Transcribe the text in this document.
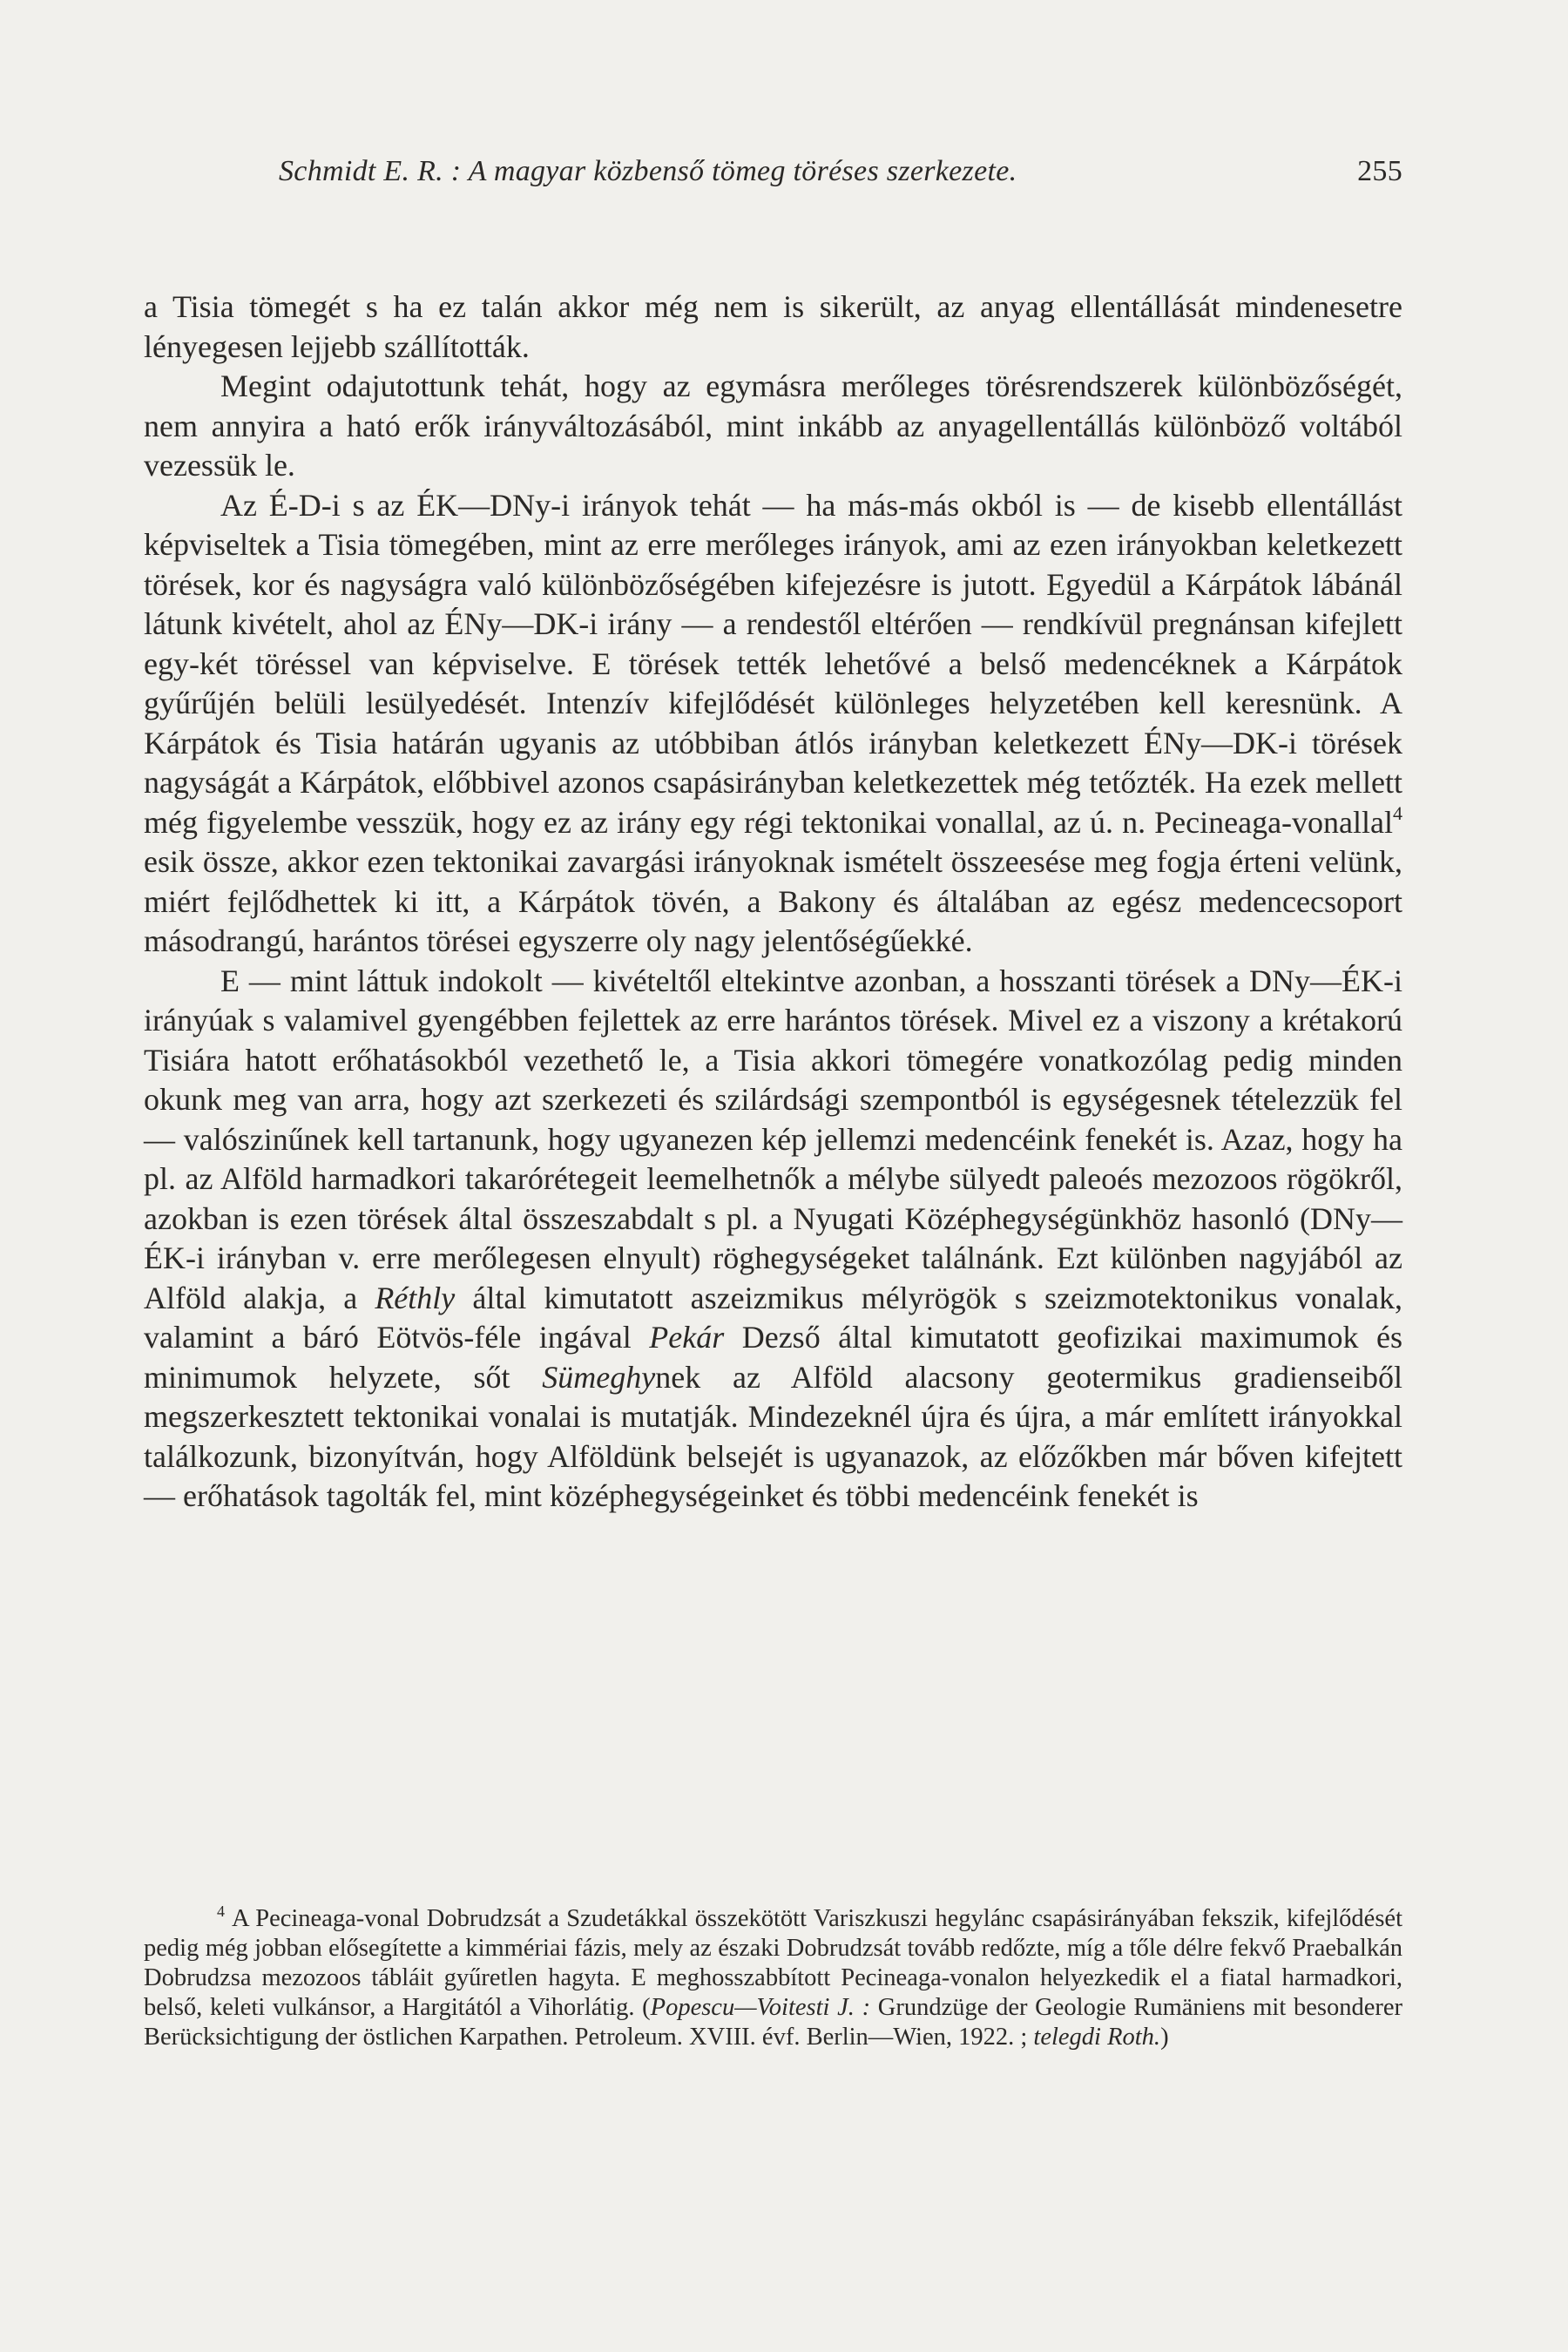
Schmidt E. R. : A magyar közbenső tömeg töréses szerkezete.	255

a Tisia tömegét s ha ez talán akkor még nem is sikerült, az anyag ellentállását mindenesetre lényegesen lejjebb szállították.

Megint odajutottunk tehát, hogy az egymásra merőleges törésrendszerek különbözőségét, nem annyira a ható erők irányváltozásából, mint inkább az anyagellentállás különböző voltából vezessük le.

Az É-D-i s az ÉK—DNy-i irányok tehát — ha más-más okból is — de kisebb ellentállást képviseltek a Tisia tömegében, mint az erre merőleges irányok, ami az ezen irányokban keletkezett törések, kor és nagyságra való különbözőségében kifejezésre is jutott. Egyedül a Kárpátok lábánál látunk kivételt, ahol az ÉNy—DK-i irány — a rendestől eltérően — rendkívül pregnánsan kifejlett egy-két töréssel van képviselve. E törések tették lehetővé a belső medencéknek a Kárpátok gyűrűjén belüli lesülyedését. Intenzív kifejlődését különleges helyzetében kell keresnünk. A Kárpátok és Tisia határán ugyanis az utóbbiban átlós irányban keletkezett ÉNy—DK-i törések nagyságát a Kárpátok, előbbivel azonos csapásirányban keletkezettek még tetőzték. Ha ezek mellett még figyelembe vesszük, hogy ez az irány egy régi tektonikai vonallal, az ú. n. Pecineaga-vonallal$^4$ esik össze, akkor ezen tektonikai zavargási irányoknak ismételt összeesése meg fogja érteni velünk, miért fejlődhettek ki itt, a Kárpátok tövén, a Bakony és általában az egész medencecsoport másodrangú, harántos törései egyszerre oly nagy jelentőségűekké.

E — mint láttuk indokolt — kivételtől eltekintve azonban, a hosszanti törések a DNy—ÉK-i irányúak s valamivel gyengébben fejlettek az erre harántos törések. Mivel ez a viszony a krétakorú Tisiára hatott erőhatásokból vezethető le, a Tisia akkori tömegére vonatkozólag pedig minden okunk meg van arra, hogy azt szerkezeti és szilárdsági szempontból is egységesnek tételezzük fel — valószinűnek kell tartanunk, hogy ugyanezen kép jellemzi medencéink fenekét is. Azaz, hogy ha pl. az Alföld harmadkori takarórétegeit leemelhetnők a mélybe sülyedt paleoés mezozoos rögökről, azokban is ezen törések által összeszabdalt s pl. a Nyugati Középhegységünkhöz hasonló (DNy—ÉK-i irányban v. erre merőlegesen elnyult) röghegységeket találnánk. Ezt különben nagyjából az Alföld alakja, a Réthly által kimutatott aszeizmikus mélyrögök s szeizmotektonikus vonalak, valamint a báró Eötvös-féle ingával Pekár Dezső által kimutatott geofizikai maximumok és minimumok helyzete, sőt Sümeghynek az Alföld alacsony geotermikus gradienseiből megszerkesztett tektonikai vonalai is mutatják. Mindezeknél újra és újra, a már említett irányokkal találkozunk, bizonyítván, hogy Alföldünk belsejét is ugyanazok, az előzőkben már bőven kifejtett — erőhatások tagolták fel, mint középhegységeinket és többi medencéink fenekét is

$^4$ A Pecineaga-vonal Dobrudzsát a Szudetákkal összekötött Variszkuszi hegylánc csapásirányában fekszik, kifejlődését pedig még jobban elősegítette a kimmériai fázis, mely az északi Dobrudzsát tovább redőzte, míg a tőle délre fekvő Praebalkán Dobrudzsa mezozoos tábláit gyűretlen hagyta. E meghosszabbított Pecineaga-vonalon helyezkedik el a fiatal harmadkori, belső, keleti vulkánsor, a Hargitától a Vihorlátig. (Popescu—Voitesti J. : Grundzüge der Geologie Rumäniens mit besonderer Berücksichtigung der östlichen Karpathen. Petroleum. XVIII. évf. Berlin—Wien, 1922. ; telegdi Roth.)
